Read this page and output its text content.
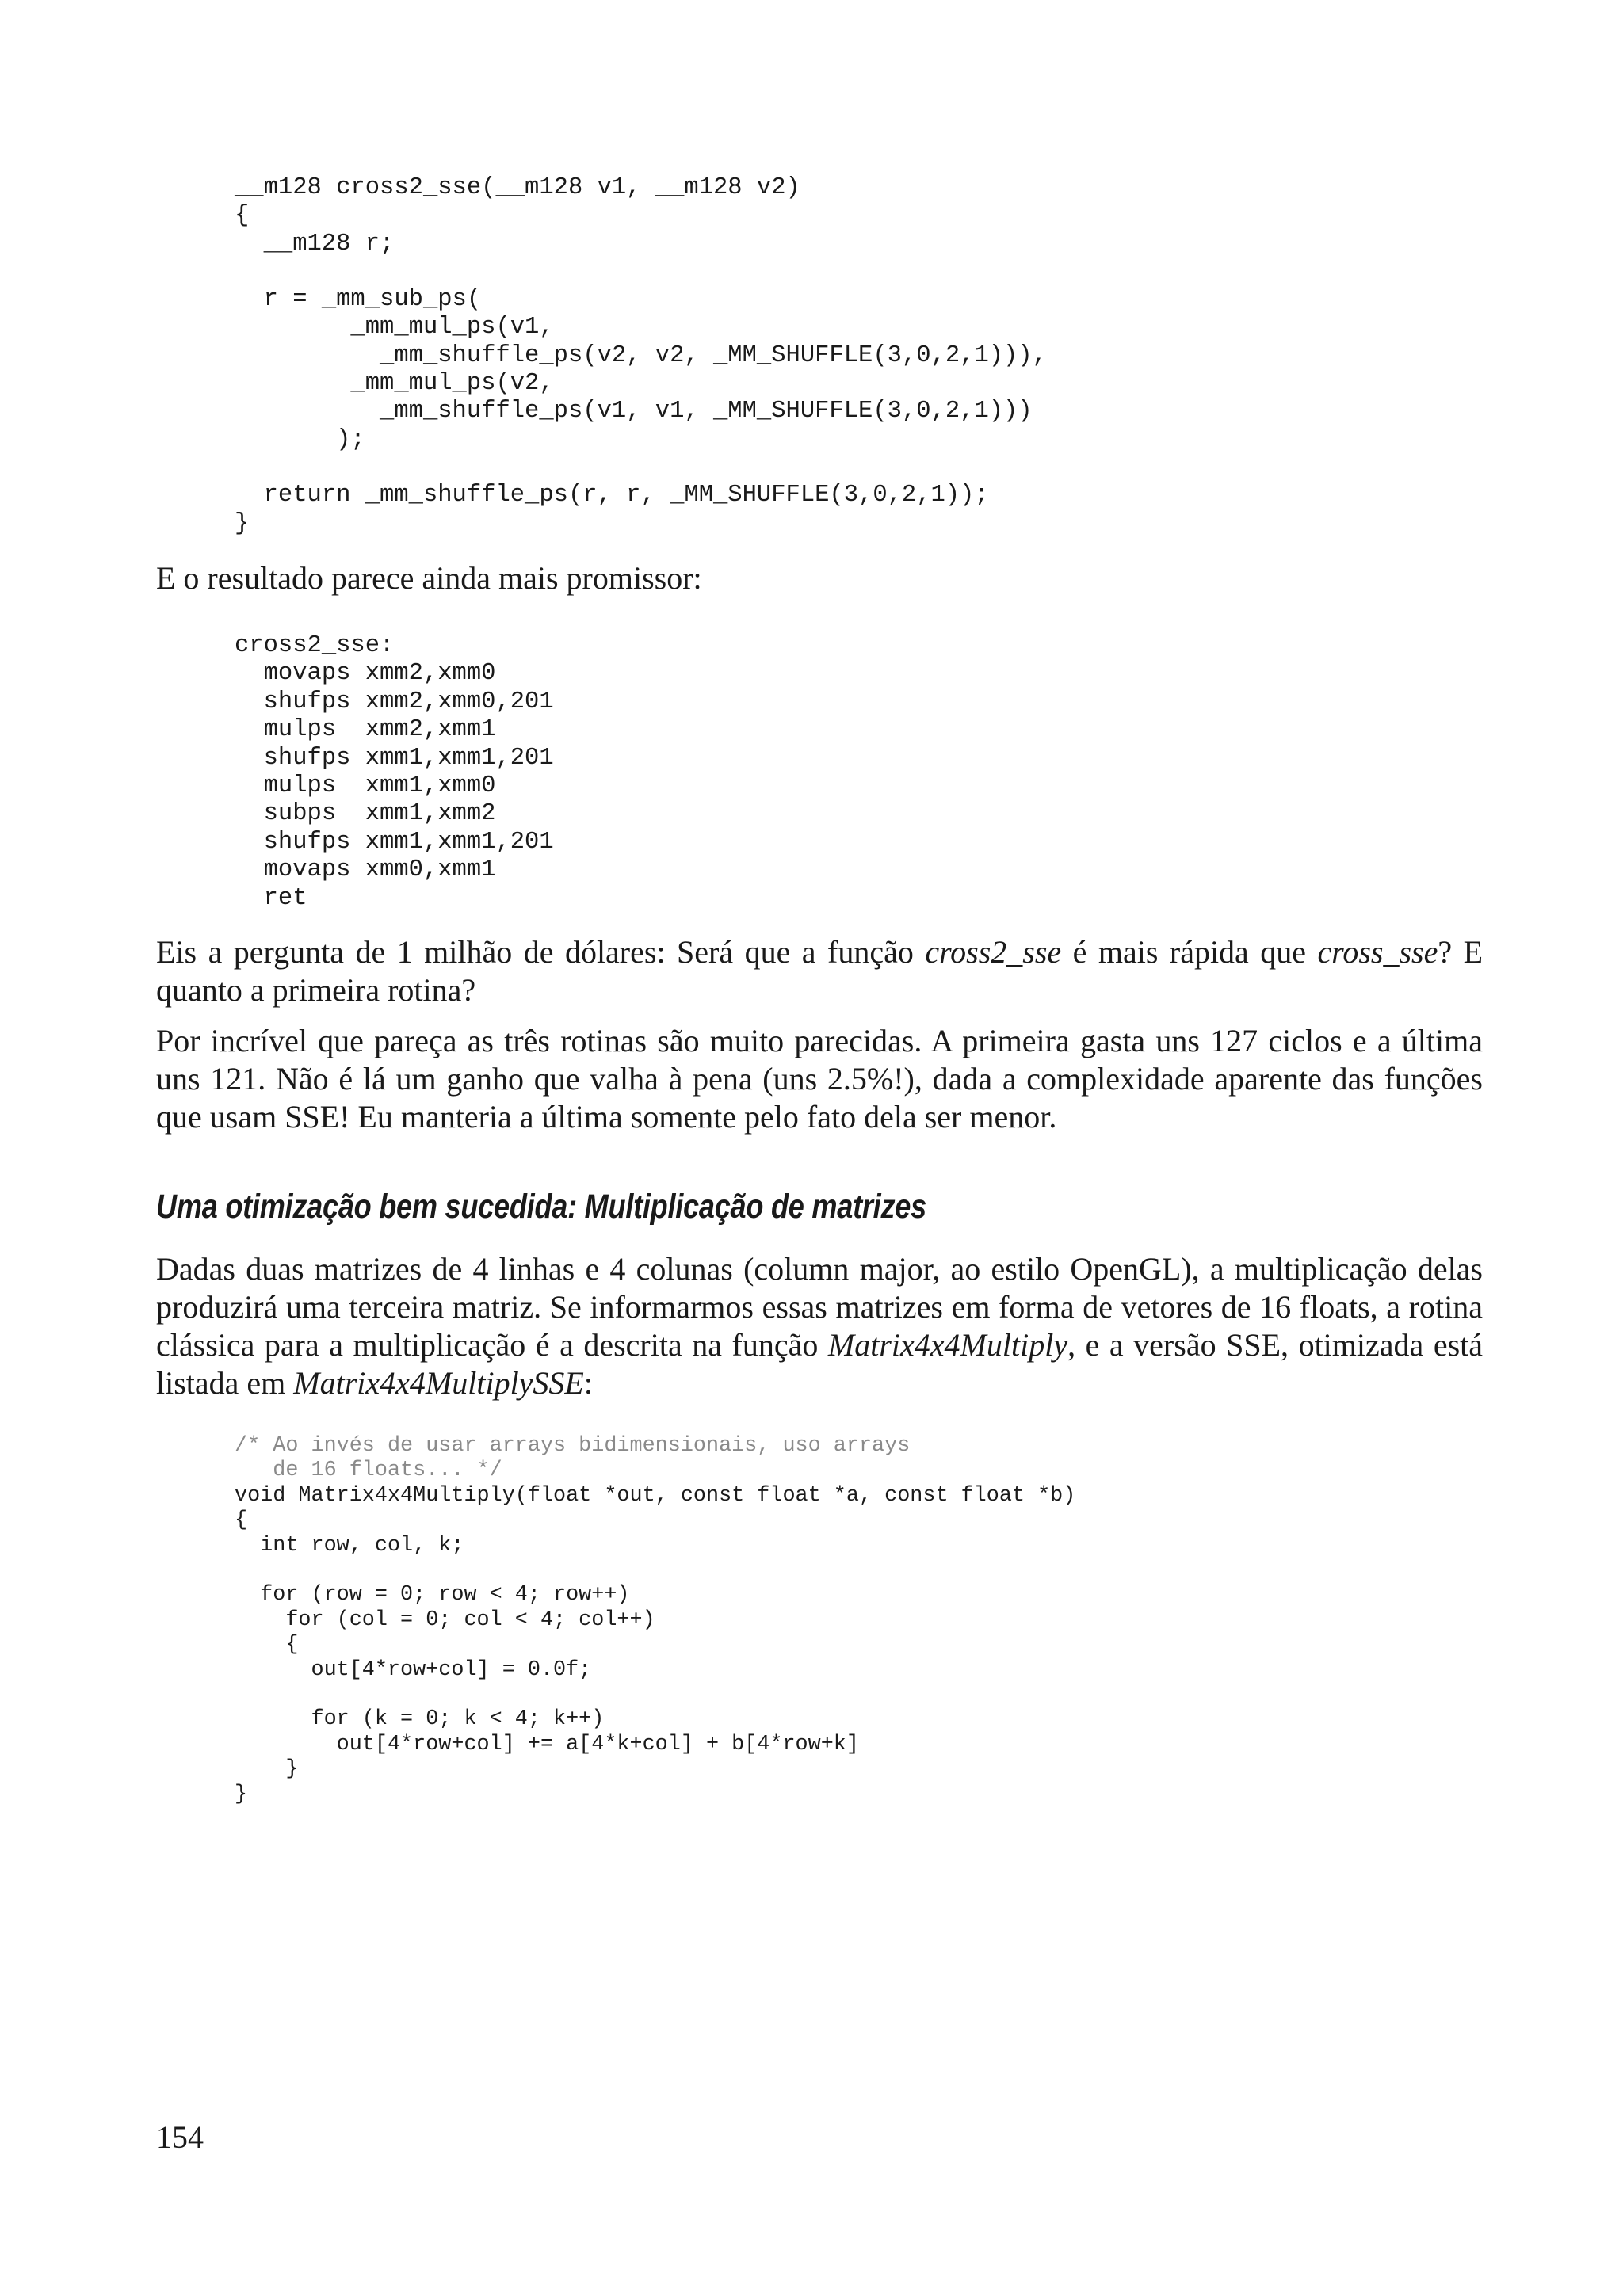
__m128 cross2_sse(__m128 v1, __m128 v2)
{
__m128 r;

r = _mm_sub_ps(
_mm_mul_ps(v1,
_mm_shuffle_ps(v2, v2, _MM_SHUFFLE(3,0,2,1))),
_mm_mul_ps(v2,
_mm_shuffle_ps(v1, v1, _MM_SHUFFLE(3,0,2,1)))
);

return _mm_shuffle_ps(r, r, _MM_SHUFFLE(3,0,2,1));
}

E o resultado parece ainda mais promissor:

cross2_sse:
movaps xmm2,xmm0
shufps xmm2,xmm0,201
mulps  xmm2,xmm1
shufps xmm1,xmm1,201
mulps  xmm1,xmm0
subps  xmm1,xmm2
shufps xmm1,xmm1,201
movaps xmm0,xmm1
ret

Eis a pergunta de 1 milhão de dólares: Será que a função cross2_sse é mais rápida que cross_sse? E quanto a primeira rotina?

Por incrível que pareça as três rotinas são muito parecidas. A primeira gasta uns 127 ciclos e a última uns 121. Não é lá um ganho que valha à pena (uns 2.5%!), dada a complexidade aparente das funções que usam SSE! Eu manteria a última somente pelo fato dela ser menor.

Uma otimização bem sucedida: Multiplicação de matrizes

Dadas duas matrizes de 4 linhas e 4 colunas (column major, ao estilo OpenGL), a multiplicação delas produzirá uma terceira matriz. Se informarmos essas matrizes em forma de vetores de 16 floats, a rotina clássica para a multiplicação é a descrita na função Matrix4x4Multiply, e a versão SSE, otimizada está listada em Matrix4x4MultiplySSE:

/* Ao invés de usar arrays bidimensionais, uso arrays
de 16 floats... */
void Matrix4x4Multiply(float *out, const float *a, const float *b)
{
int row, col, k;

for (row = 0; row < 4; row++)
for (col = 0; col < 4; col++)
{
out[4*row+col] = 0.0f;

for (k = 0; k < 4; k++)
out[4*row+col] += a[4*k+col] + b[4*row+k]
}
}
154
